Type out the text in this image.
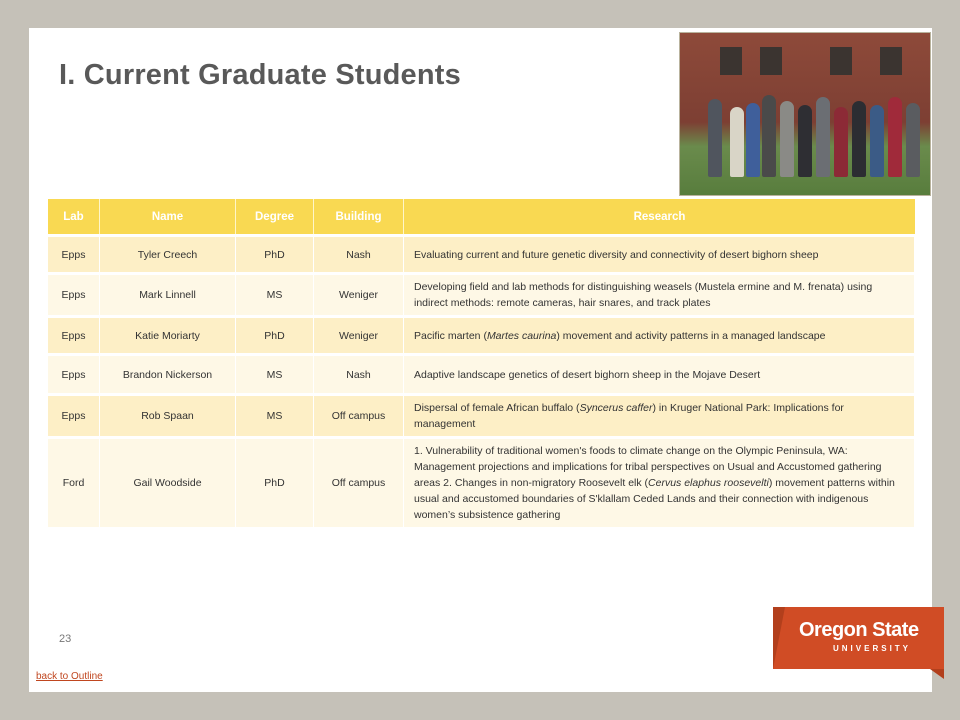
I. Current Graduate Students
Lab	Name	Degree	Building	Research
Epps	Tyler Creech	PhD	Nash	Evaluating current and future genetic diversity and connectivity of desert bighorn sheep
Epps	Mark Linnell	MS	Weniger	Developing field and lab methods for distinguishing weasels (Mustela ermine and M. frenata) using indirect methods: remote cameras, hair snares, and track plates
Epps	Katie Moriarty	PhD	Weniger	Pacific marten (Martes caurina) movement and activity patterns in a managed landscape
Epps	Brandon Nickerson	MS	Nash	Adaptive landscape genetics of desert bighorn sheep in the Mojave Desert
Epps	Rob Spaan	MS	Off campus	Dispersal of female African buffalo (Syncerus caffer) in Kruger National Park: Implications for management
Ford	Gail Woodside	PhD	Off campus	1. Vulnerability of traditional women's foods to climate change on the Olympic Peninsula, WA: Management projections and implications for tribal perspectives on Usual and Accustomed gathering areas 2. Changes in non-migratory Roosevelt elk (Cervus elaphus roosevelti) movement patterns within usual and accustomed boundaries of S'klallam Ceded Lands and their connection with indigenous women’s subsistence gathering
23
back to Outline
Oregon State
UNIVERSITY
